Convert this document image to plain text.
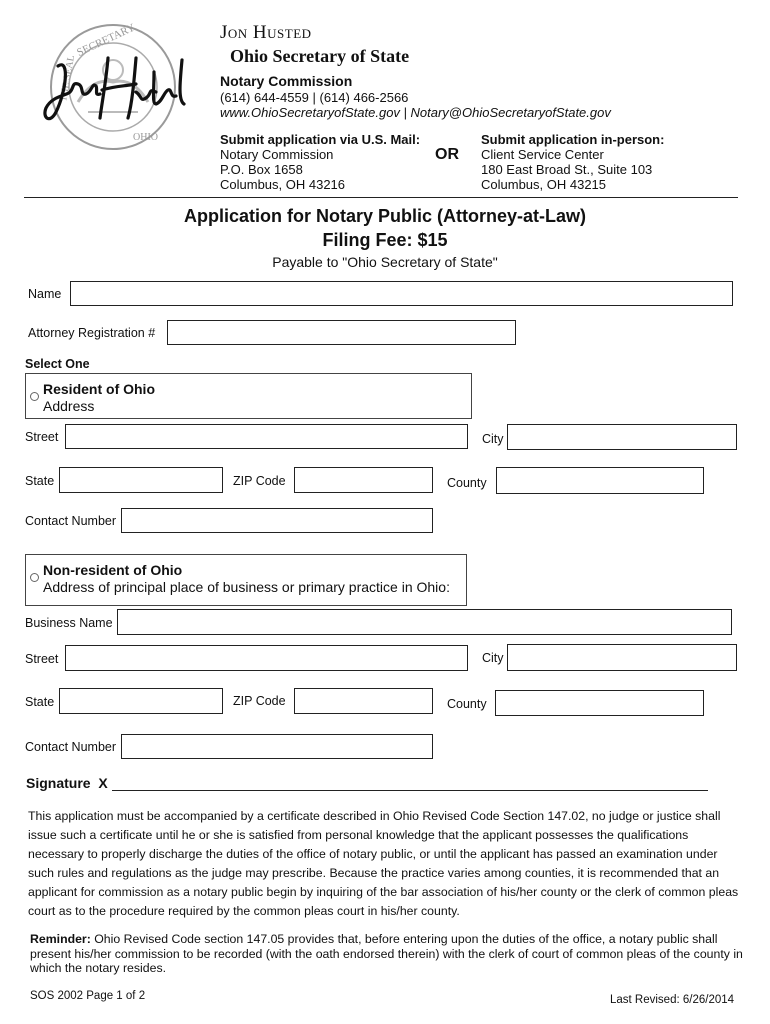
SECRETARY
OHIO
THE SEAL
Jon Husted
Ohio Secretary of State
Notary Commission
(614) 644-4559 | (614) 466-2566
www.OhioSecretaryofState.gov | Notary@OhioSecretaryofState.gov
Submit application via U.S. Mail:
Notary Commission
P.O. Box 1658
Columbus, OH 43216
OR
Submit application in-person:
Client Service Center
180 East Broad St., Suite 103
Columbus, OH 43215
Application for Notary Public (Attorney-at-Law)
Filing Fee: $15
Payable to "Ohio Secretary of State"
Name
Attorney Registration #
Select One
Resident of Ohio
Address
Street	City
State	ZIP Code	County
Contact Number
Non-resident of Ohio
Address of principal place of business or primary practice in Ohio:
Business Name
Street	City
State	ZIP Code	County
Contact Number
Signature  X

This application must be accompanied by a certificate described in Ohio Revised Code Section 147.02, no judge or justice shall issue such a certificate until he or she is satisfied from personal knowledge that the applicant possesses the qualifications necessary to properly discharge the duties of the office of notary public, or until the applicant has passed an examination under such rules and regulations as the judge may prescribe. Because the practice varies among counties, it is recommended that an applicant for commission as a notary public begin by inquiring of the bar association of his/her county or the clerk of common pleas court as to the procedure required by the common pleas court in his/her county.

Reminder: Ohio Revised Code section 147.05 provides that, before entering upon the duties of the office, a notary public shall present his/her commission to be recorded (with the oath endorsed therein) with the clerk of court of common pleas of the county in which the notary resides.
SOS 2002 Page 1 of 2	Last Revised: 6/26/2014
